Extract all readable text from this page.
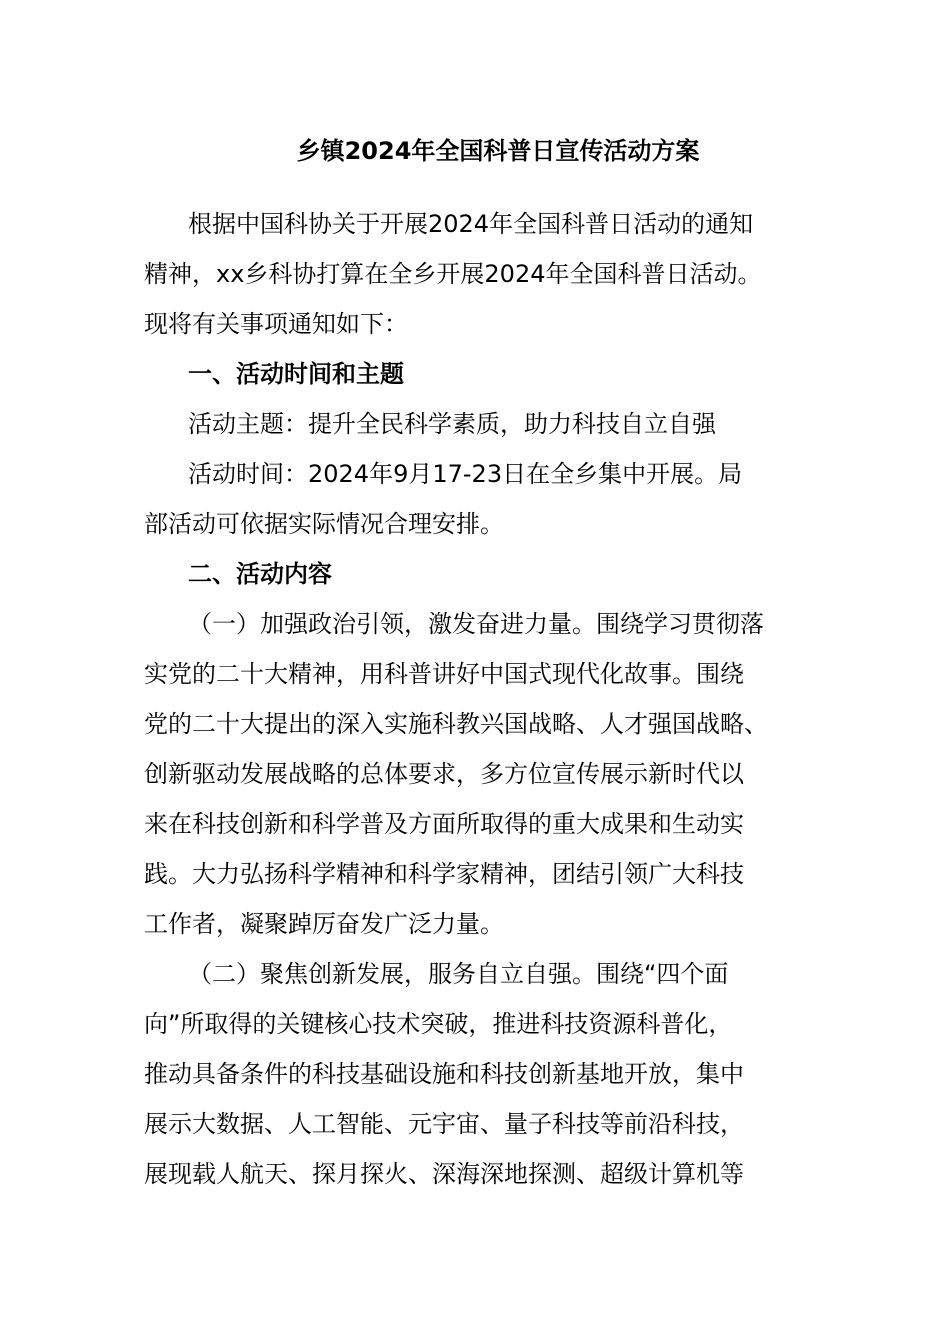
乡镇2024年全国科普日宣传活动方案
根据中国科协关于开展2024年全国科普日活动的通知
精神，xx乡科协打算在全乡开展2024年全国科普日活动。
现将有关事项通知如下：
一、活动时间和主题
活动主题：提升全民科学素质，助力科技自立自强
活动时间：2024年9月17-23日在全乡集中开展。局
部活动可依据实际情况合理安排。
二、活动内容
（一）加强政治引领，激发奋进力量。围绕学习贯彻落
实党的二十大精神，用科普讲好中国式现代化故事。围绕
党的二十大提出的深入实施科教兴国战略、人才强国战略、
创新驱动发展战略的总体要求，多方位宣传展示新时代以
来在科技创新和科学普及方面所取得的重大成果和生动实
践。大力弘扬科学精神和科学家精神，团结引领广大科技
工作者，凝聚踔厉奋发广泛力量。
（二）聚焦创新发展，服务自立自强。围绕“四个面
向”所取得的关键核心技术突破，推进科技资源科普化，
推动具备条件的科技基础设施和科技创新基地开放，集中
展示大数据、人工智能、元宇宙、量子科技等前沿科技，
展现载人航天、探月探火、深海深地探测、超级计算机等
